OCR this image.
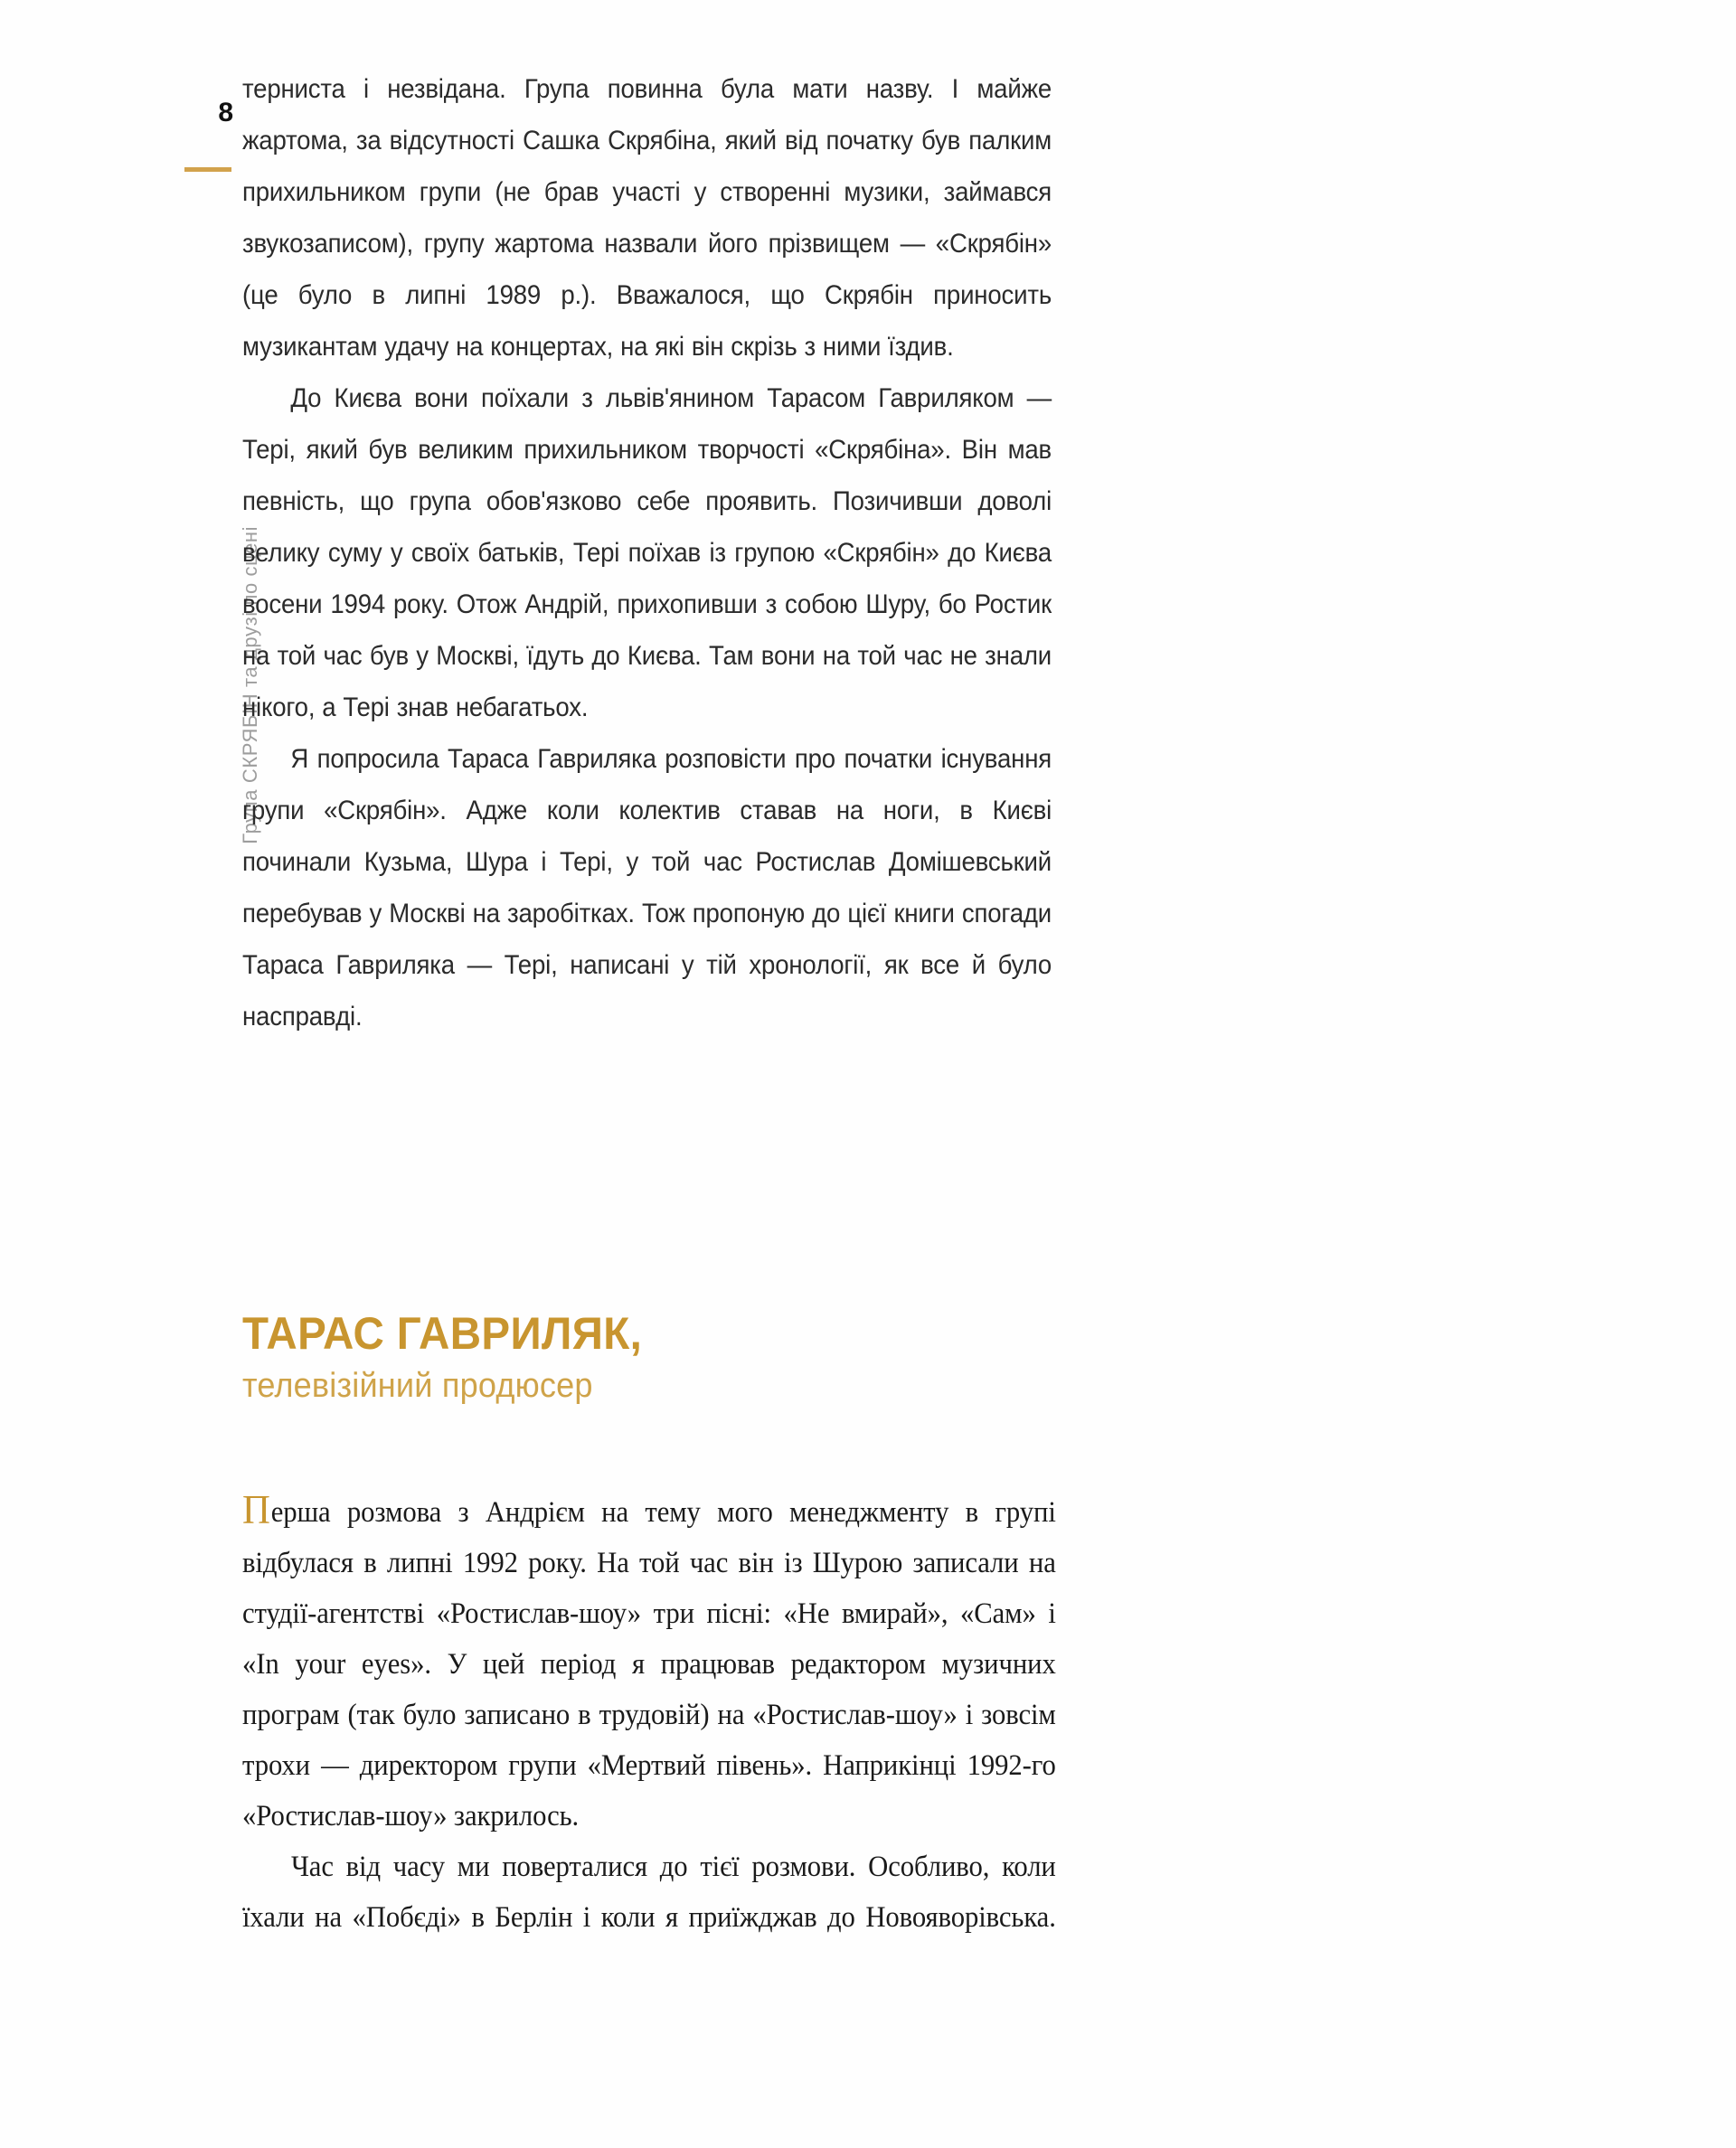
8
Група СКРЯБІН та друзі по сцені

терниста і незвідана. Група повинна була мати назву. І майже жартома, за відсутності Сашка Скрябіна, який від початку був палким прихильником групи (не брав участі у створенні музики, займався звукозаписом), групу жартома назвали його прізвищем — «Скрябін» (це було в липні 1989 р.). Вважалося, що Скрябін приносить музикантам удачу на концертах, на які він скрізь з ними їздив.

До Києва вони поїхали з львів'янином Тарасом Гавриляком — Тері, який був великим прихильником творчості «Скрябіна». Він мав певність, що група обов'язково себе проявить. Позичивши доволі велику суму у своїх батьків, Тері поїхав із групою «Скрябін» до Києва восени 1994 року. Отож Андрій, прихопивши з собою Шуру, бо Ростик на той час був у Москві, їдуть до Києва. Там вони на той час не знали нікого, а Тері знав небагатьох.

Я попросила Тараса Гавриляка розповісти про початки існування групи «Скрябін». Адже коли колектив ставав на ноги, в Києві починали Кузьма, Шура і Тері, у той час Ростислав Домішевський перебував у Москві на заробітках. Тож пропоную до цієї книги спогади Тараса Гавриляка — Тері, написані у тій хронології, як все й було насправді.

ТАРАС ГАВРИЛЯК,
телевізійний продюсер

Перша розмова з Андрієм на тему мого менеджменту в групі відбулася в липні 1992 року. На той час він із Шурою записали на студії-агентстві «Ростислав-шоу» три пісні: «Не вмирай», «Сам» і «In your eyes». У цей період я працював редактором музичних програм (так було записано в трудовій) на «Ростислав-шоу» і зовсім трохи — директором групи «Мертвий півень». Наприкінці 1992-го «Ростислав-шоу» закрилось.

Час від часу ми поверталися до тієї розмови. Особливо, коли їхали на «Побєді» в Берлін і коли я приїжджав до Новояворівська.
